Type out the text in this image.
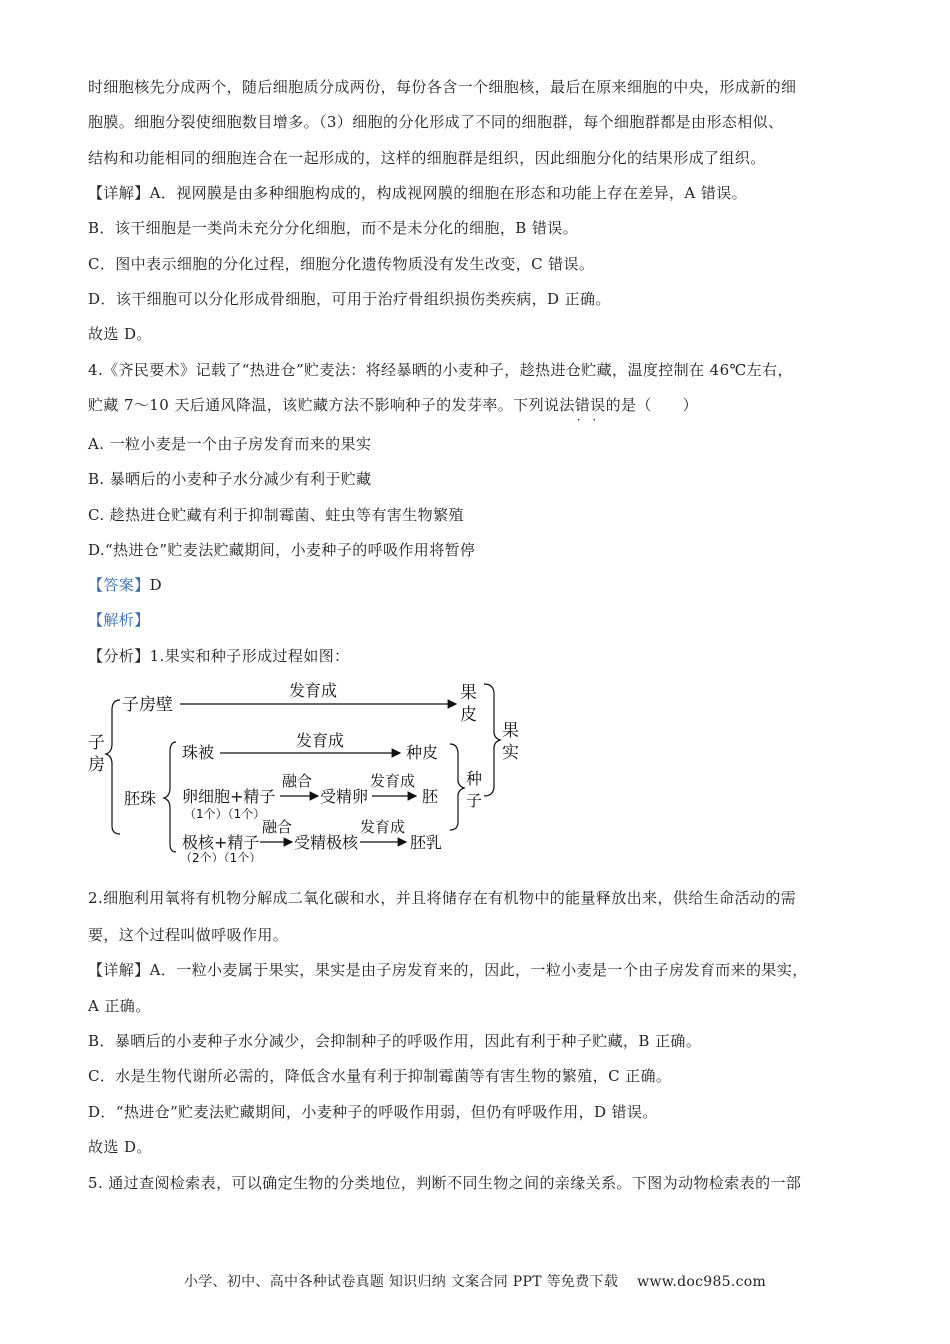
时细胞核先分成两个，随后细胞质分成两份，每份各含一个细胞核，最后在原来细胞的中央，形成新的细
胞膜。细胞分裂使细胞数目增多。（3）细胞的分化形成了不同的细胞群，每个细胞群都是由形态相似、
结构和功能相同的细胞连合在一起形成的，这样的细胞群是组织，因此细胞分化的结果形成了组织。
【详解】A．视网膜是由多种细胞构成的，构成视网膜的细胞在形态和功能上存在差异，A 错误。
B．该干细胞是一类尚未充分分化细胞，而不是未分化的细胞，B 错误。
C．图中表示细胞的分化过程，细胞分化遗传物质没有发生改变，C 错误。
D．该干细胞可以分化形成骨细胞，可用于治疗骨组织损伤类疾病，D 正确。
故选 D。
4.《齐民要术》记载了“热进仓”贮麦法：将经暴晒的小麦种子，趁热进仓贮藏，温度控制在 46℃左右，
贮藏 7～10 天后通风降温，该贮藏方法不影响种子的发芽率。下列说法错误 · ·的是（　　）
A. 一粒小麦是一个由子房发育而来的果实
B. 暴晒后的小麦种子水分减少有利于贮藏
C. 趁热进仓贮藏有利于抑制霉菌、蛀虫等有害生物繁殖
D.“热进仓”贮麦法贮藏期间，小麦种子的呼吸作用将暂停
【答案】D
【解析】
【分析】1.果实和种子形成过程如图：
子
房
子房壁
发育成	果
皮
果
实
胚珠
珠被
发育成
种皮
卵细胞+精子
（1个）（1个）
融合
受精卵
发育成
胚
种
子
极核+精子
（2个）（1个）
融合
受精极核
发育成
胚乳
2.细胞利用氧将有机物分解成二氧化碳和水，并且将储存在有机物中的能量释放出来，供给生命活动的需
要，这个过程叫做呼吸作用。
【详解】A．一粒小麦属于果实，果实是由子房发育来的，因此，一粒小麦是一个由子房发育而来的果实，
A 正确。
B．暴晒后的小麦种子水分减少，会抑制种子的呼吸作用，因此有利于种子贮藏，B 正确。
C．水是生物代谢所必需的，降低含水量有利于抑制霉菌等有害生物的繁殖，C 正确。
D．“热进仓”贮麦法贮藏期间，小麦种子的呼吸作用弱，但仍有呼吸作用，D 错误。
故选 D。
5. 通过查阅检索表，可以确定生物的分类地位，判断不同生物之间的亲缘关系。下图为动物检索表的一部
小学、初中、高中各种试卷真题 知识归纳 文案合同 PPT 等免费下载　 www.doc985.com
